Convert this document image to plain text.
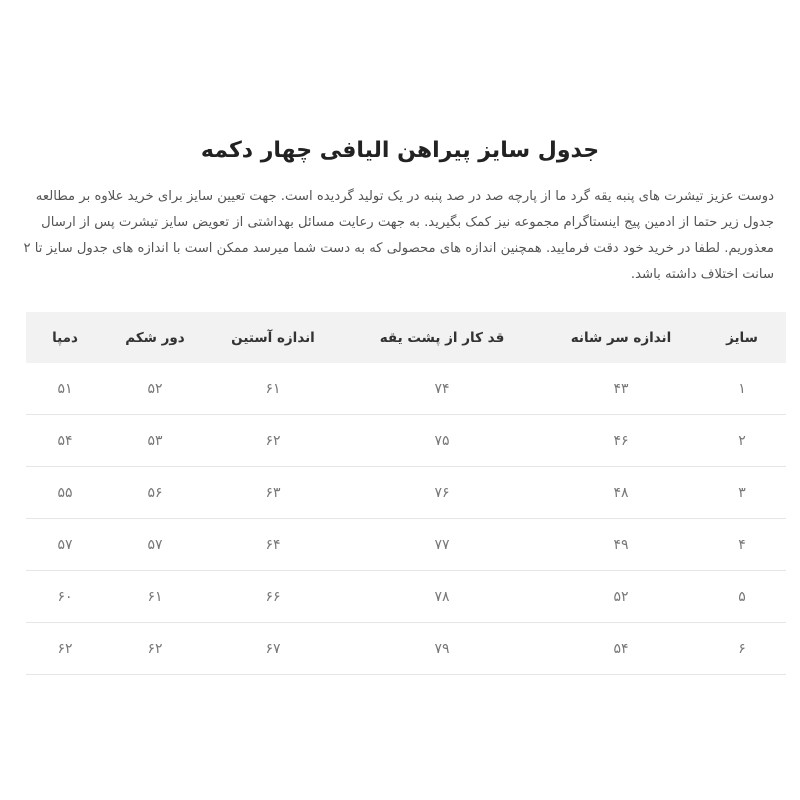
جدول سایز پیراهن الیافی چهار دکمه

دوست عزیز تیشرت های پنبه یقه گرد ما از پارچه صد در صد پنبه در یک تولید گردیده است. جهت تعیین سایز برای خرید علاوه بر مطالعه جدول زیر حتما از ادمین پیج اینستاگرام مجموعه نیز کمک بگیرید. به جهت رعایت مسائل بهداشتی از تعویض سایز تیشرت پس از ارسال معذوریم. لطفا در خرید خود دقت فرمایید. همچنین اندازه های محصولی که به دست شما میرسد ممکن است با اندازه های جدول سایز تا ۲ سانت اختلاف داشته باشد.

سایز	اندازه سر شانه	قد کار از پشت یقه	اندازه آستین	دور شکم	دمپا
۱	۴۳	۷۴	۶۱	۵۲	۵۱
۲	۴۶	۷۵	۶۲	۵۳	۵۴
۳	۴۸	۷۶	۶۳	۵۶	۵۵
۴	۴۹	۷۷	۶۴	۵۷	۵۷
۵	۵۲	۷۸	۶۶	۶۱	۶۰
۶	۵۴	۷۹	۶۷	۶۲	۶۲
